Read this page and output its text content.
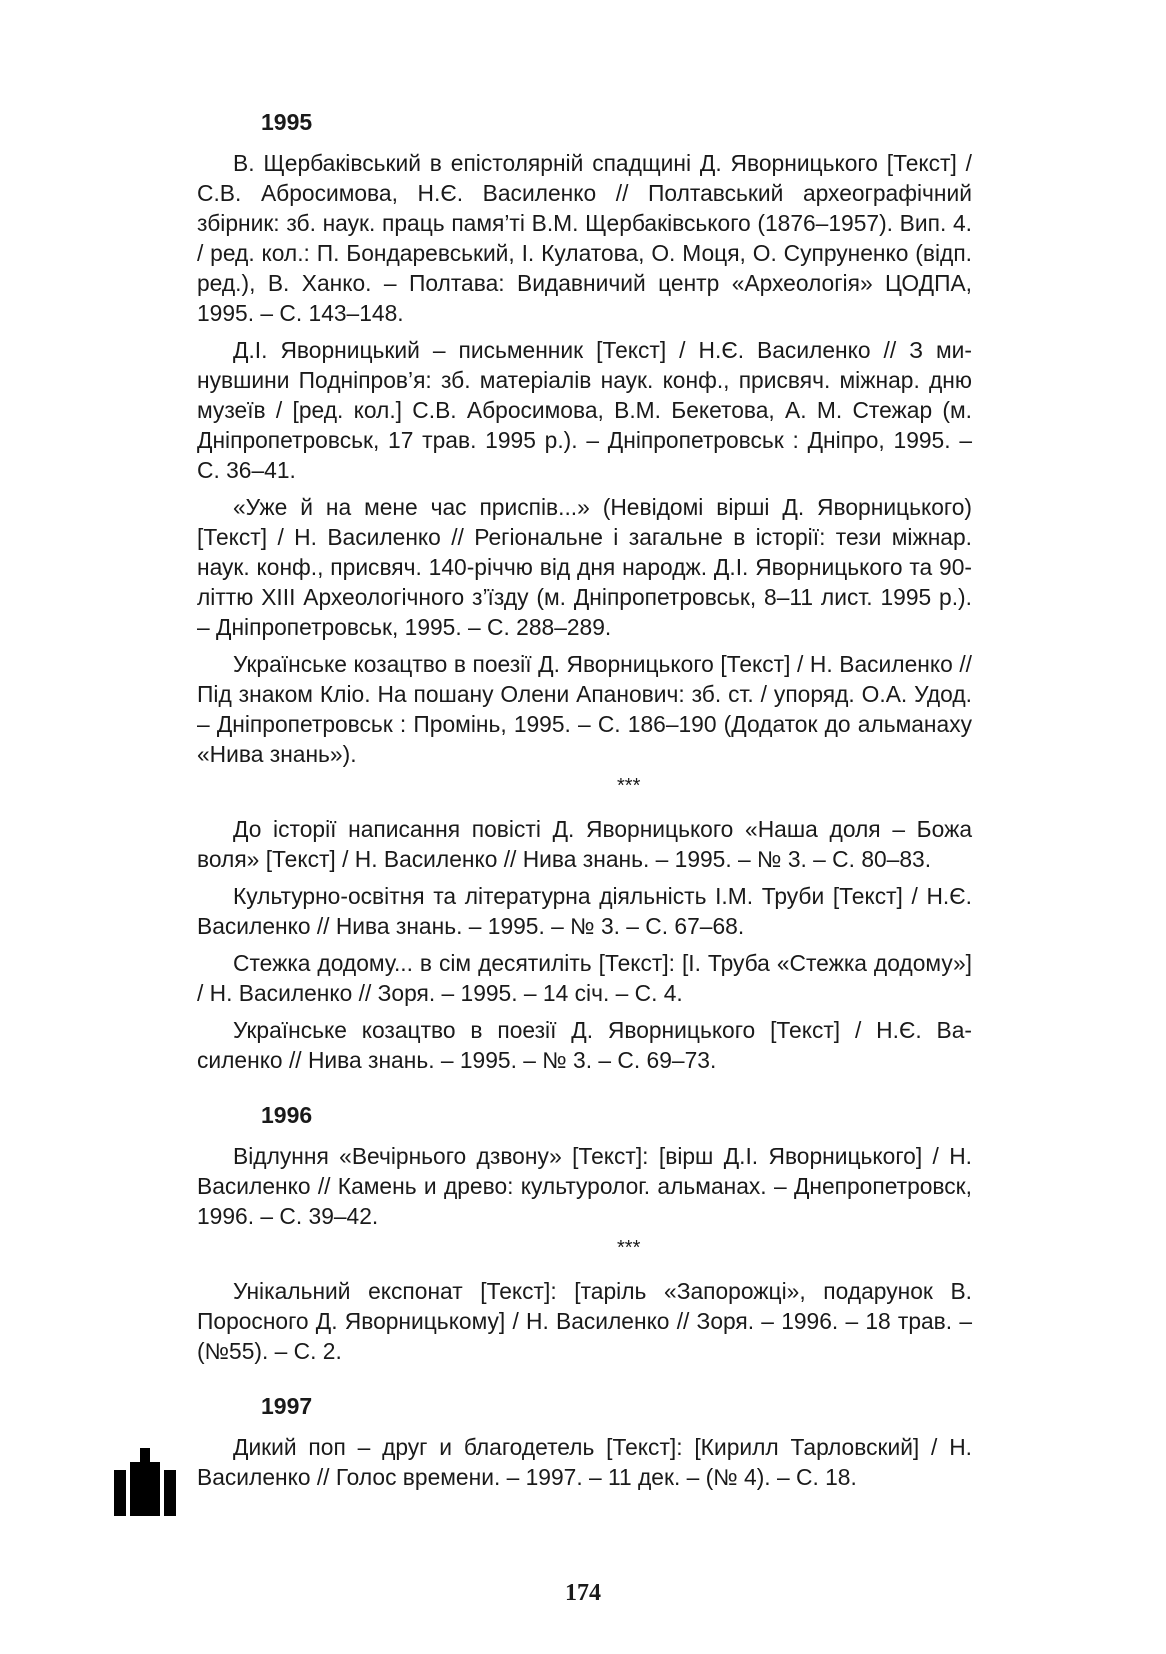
1995

В. Щербаківський в епістолярній спадщині Д. Яворницького [Текст] / С.В. Абросимова, Н.Є. Василенко // Полтавський археографічний збірник: зб. наук. праць памя’ті В.М. Щербаківського (1876–1957). Вип. 4. / ред. кол.: П. Бондаревський, І. Кулатова, О. Моця, О. Супруненко (відп. ред.), В. Ханко. – Полтава: Видавничий центр «Археологія» ЦОДПА, 1995. – С. 143–148.

Д.І. Яворницький – письменник [Текст] / Н.Є. Василенко // З минувшини Подніпров’я: зб. матеріалів наук. конф., присвяч. міжнар. дню музеїв / [ред. кол.] С.В. Абросимова, В.М. Бекетова, А. М. Стежар (м. Дніпропетровськ, 17 трав. 1995 р.). – Дніпропетровськ : Дніпро, 1995. – С. 36–41.

«Уже й на мене час приспів...» (Невідомі вірші Д. Яворницького) [Текст] / Н. Василенко // Регіональне і загальне в історії: тези міжнар. наук. конф., присвяч. 140-річчю від дня народж. Д.І. Яворницького та 90-літтю XIII Археологічного з’їзду (м. Дніпропетровськ, 8–11 лист. 1995 р.). – Дніпропетровськ, 1995. – С. 288–289.

Українське козацтво в поезії Д. Яворницького [Текст] / Н. Василенко // Під знаком Кліо. На пошану Олени Апанович: зб. ст. / упоряд. О.А. Удод. – Дніпропетровськ : Промінь, 1995. – С. 186–190 (Додаток до альманаху «Нива знань»).

***

До історії написання повісті Д. Яворницького «Наша доля – Божа воля» [Текст] / Н. Василенко // Нива знань. – 1995. – № 3. – С. 80–83.

Культурно-освітня та літературна діяльність І.М. Труби [Текст] / Н.Є. Василенко // Нива знань. – 1995. – № 3. – С. 67–68.

Стежка додому... в сім десятиліть [Текст]: [І. Труба «Стежка додому»] / Н. Василенко // Зоря. – 1995. – 14 січ. – С. 4.

Українське козацтво в поезії Д. Яворницького [Текст] / Н.Є. Василенко // Нива знань. – 1995. – № 3. – С. 69–73.

1996

Відлуння «Вечірнього дзвону» [Текст]: [вірш Д.І. Яворницького] / Н. Василенко // Камень и древо: культуролог. альманах. – Днепропетровск, 1996. – С. 39–42.

***

Унікальний експонат [Текст]: [таріль «Запорожці», подарунок В. Поросного Д. Яворницькому] / Н. Василенко // Зоря. – 1996. – 18 трав. – (№55). – С. 2.

1997

Дикий поп – друг и благодетель [Текст]: [Кирилл Тарловский] / Н. Василенко // Голос времени. – 1997. – 11 дек. – (№ 4). – С. 18.

174
